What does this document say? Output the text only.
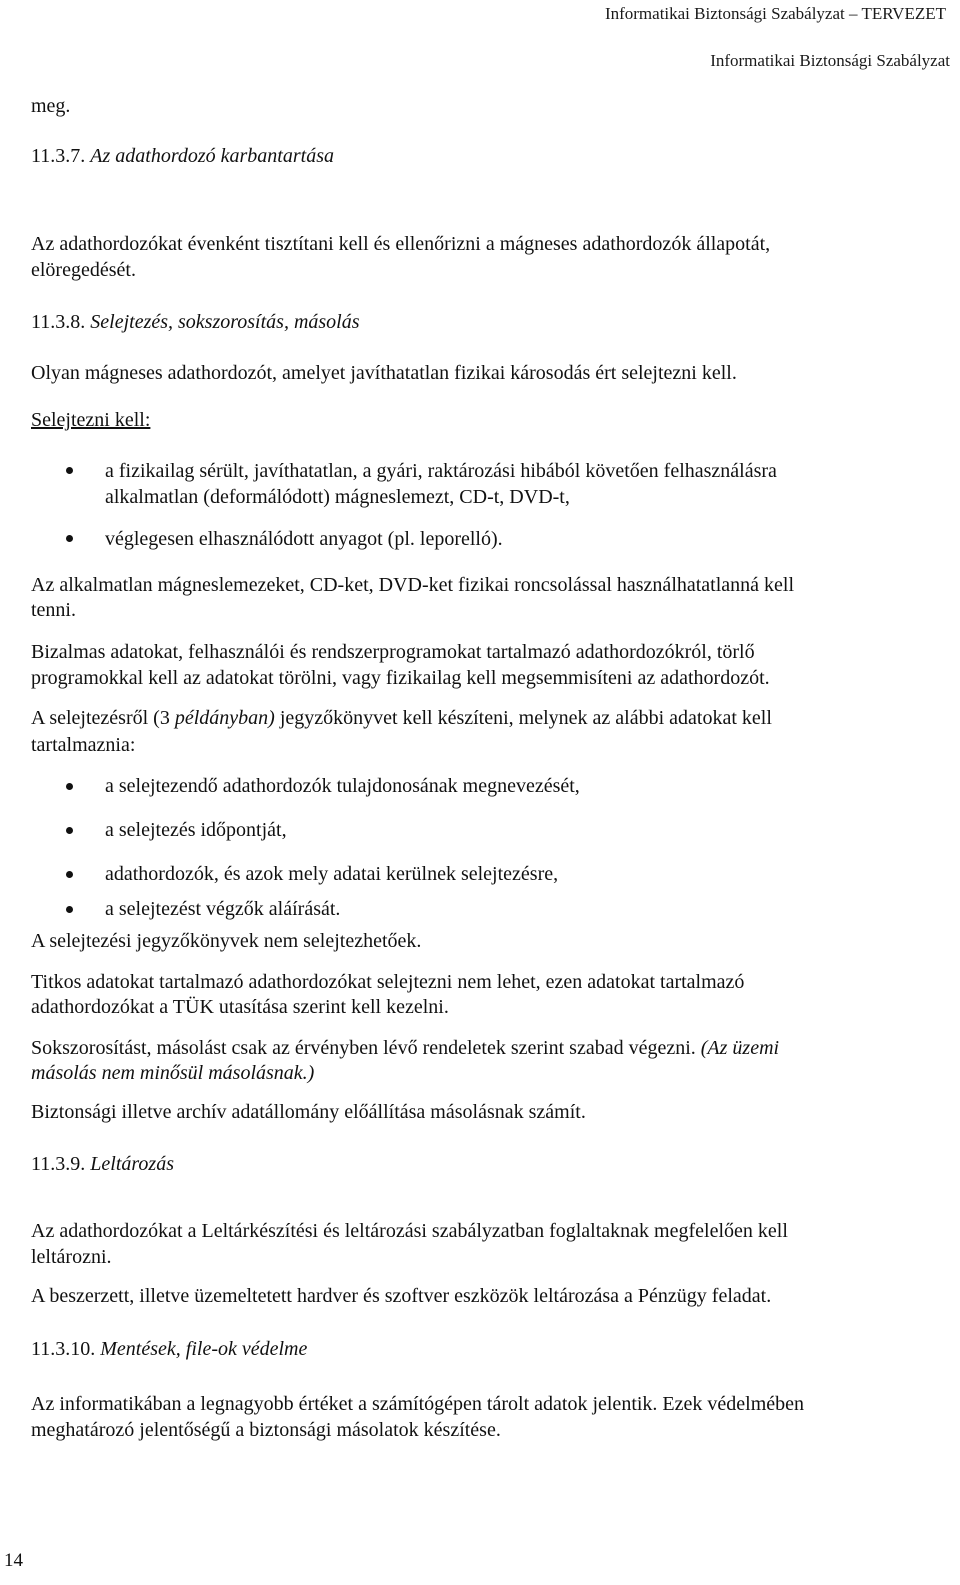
Informatikai Biztonsági Szabályzat – TERVEZET
Informatikai Biztonsági Szabályzat
meg.
11.3.7. Az adathordozó karbantartása
Az adathordozókat évenként tisztítani kell és ellenőrizni a mágneses adathordozók állapotát,
elöregedését.
11.3.8. Selejtezés, sokszorosítás, másolás
Olyan mágneses adathordozót, amelyet javíthatatlan fizikai károsodás ért selejtezni kell.
Selejtezni kell:
a fizikailag sérült, javíthatatlan, a gyári, raktározási hibából követően felhasználásra
alkalmatlan (deformálódott) mágneslemezt, CD-t, DVD-t,
véglegesen elhasználódott anyagot (pl. leporelló).
Az alkalmatlan mágneslemezeket, CD-ket, DVD-ket fizikai roncsolással használhatatlanná kell
tenni.
Bizalmas adatokat, felhasználói és rendszerprogramokat tartalmazó adathordozókról, törlő
programokkal kell az adatokat törölni, vagy fizikailag kell megsemmisíteni az adathordozót.
A selejtezésről (3 példányban) jegyzőkönyvet kell készíteni, melynek az alábbi adatokat kell
tartalmaznia:
a selejtezendő adathordozók tulajdonosának megnevezését,
a selejtezés időpontját,
adathordozók, és azok mely adatai kerülnek selejtezésre,
a selejtezést végzők aláírását.
A selejtezési jegyzőkönyvek nem selejtezhetőek.
Titkos adatokat tartalmazó adathordozókat selejtezni nem lehet, ezen adatokat tartalmazó
adathordozókat a TÜK utasítása szerint kell kezelni.
Sokszorosítást, másolást csak az érvényben lévő rendeletek szerint szabad végezni. (Az üzemi
másolás nem minősül másolásnak.)
Biztonsági illetve archív adatállomány előállítása másolásnak számít.
11.3.9. Leltározás
Az adathordozókat a Leltárkészítési és leltározási szabályzatban foglaltaknak megfelelően kell
leltározni.
A beszerzett, illetve üzemeltetett hardver és szoftver eszközök leltározása a Pénzügy feladat.
11.3.10. Mentések, file-ok védelme
Az informatikában a legnagyobb értéket a számítógépen tárolt adatok jelentik. Ezek védelmében
meghatározó jelentőségű a biztonsági másolatok készítése.
14
